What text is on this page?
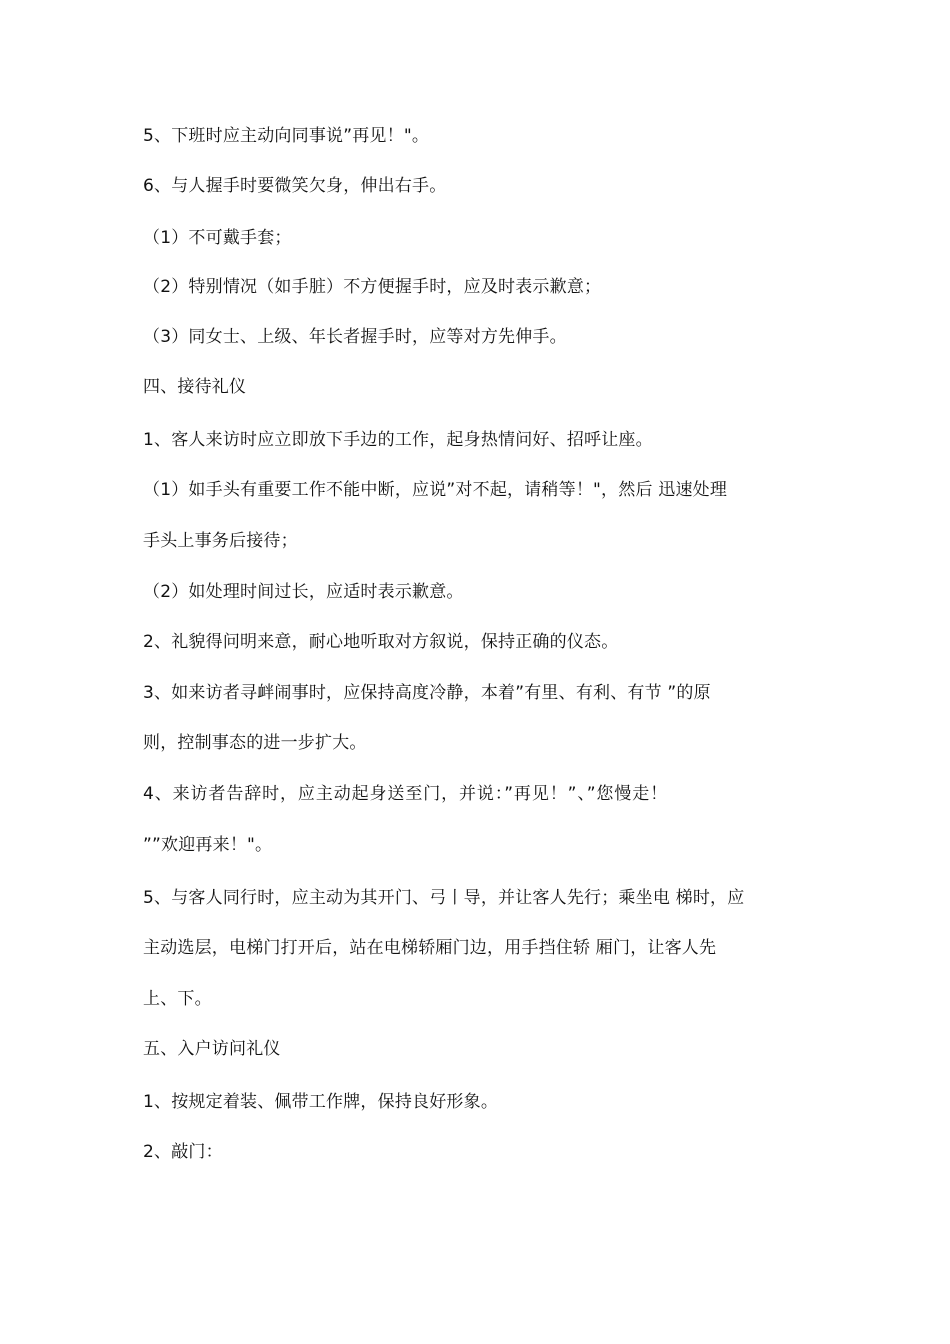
5、下班时应主动向同事说”再见！"。
6、与人握手时要微笑欠身，伸出右手。
（1）不可戴手套；
（2）特别情况（如手脏）不方便握手时，应及时表示歉意；
（3）同女士、上级、年长者握手时，应等对方先伸手。
四、接待礼仪
1、客人来访时应立即放下手边的工作，起身热情问好、招呼让座。
（1）如手头有重要工作不能中断，应说”对不起，请稍等！"，然后 迅速处理
手头上事务后接待；
（2）如处理时间过长，应适时表示歉意。
2、礼貌得问明来意，耐心地听取对方叙说，保持正确的仪态。
3、如来访者寻衅闹事时，应保持高度冷静，本着”有里、有利、有节 ”的原
则，控制事态的进一步扩大。
4、来访者告辞时，应主动起身送至门，并说：”再见！”、”您慢走！
””欢迎再来！"。
5、与客人同行时，应主动为其开门、弓丨导，并让客人先行；乘坐电 梯时，应
主动选层，电梯门打开后，站在电梯轿厢门边，用手挡住轿 厢门，让客人先
上、下。
五、入户访问礼仪
1、按规定着装、佩带工作牌，保持良好形象。
2、敲门：
